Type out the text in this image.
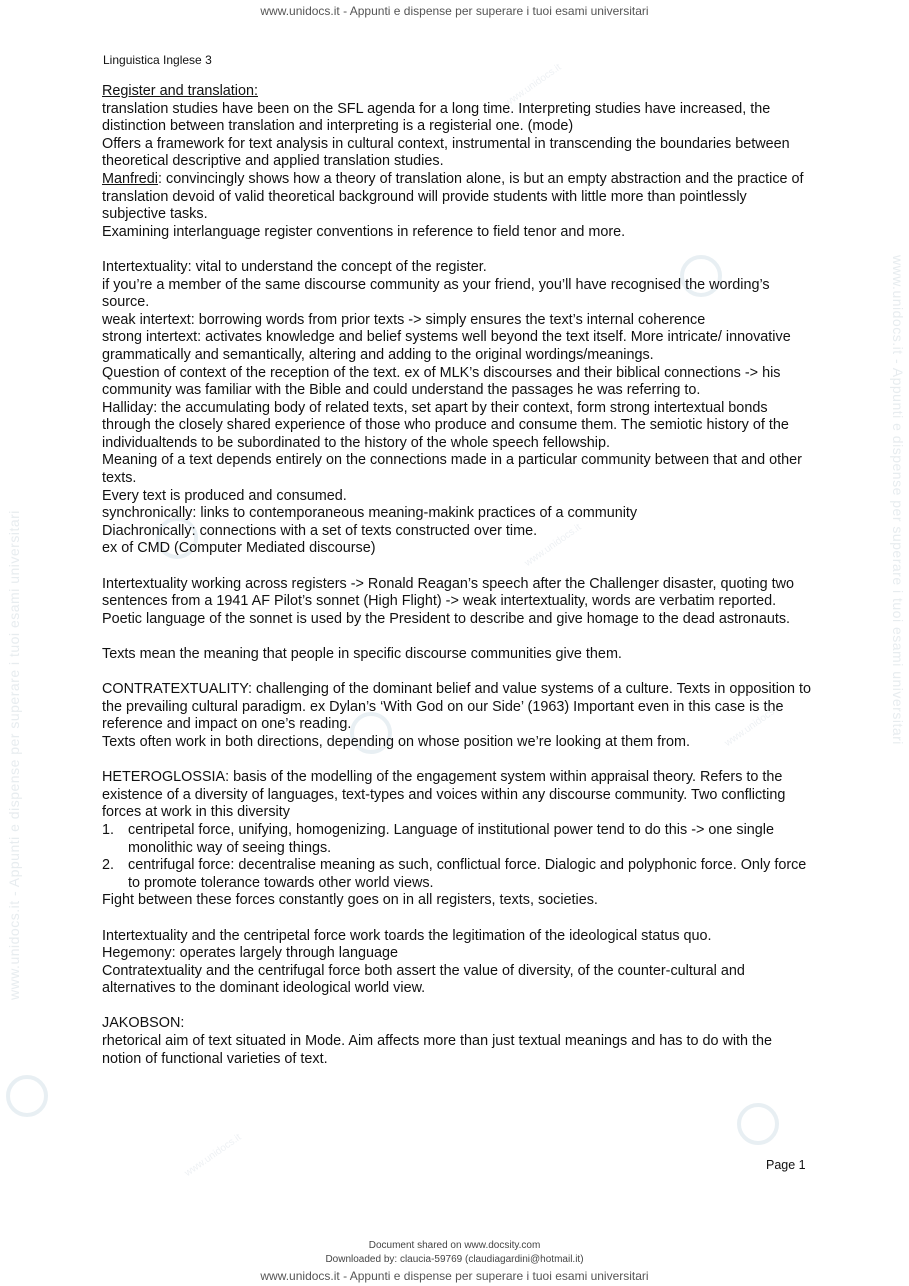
www.unidocs.it - Appunti e dispense per superare i tuoi esami universitari
www.unidocs.it - Appunti e dispense per superare i tuoi esami universitari
www.unidocs.it - Appunti e dispense per superare i tuoi esami universitari
www.unidocs.it
www.unidocs.it
www.unidocs.it
www.unidocs.it
Linguistica Inglese 3

Register and translation:

translation studies have been on the SFL agenda for a long time. Interpreting studies have increased, the distinction between translation and interpreting is a registerial one. (mode)

Offers a framework for text analysis in cultural context, instrumental in transcending the boundaries between theoretical descriptive and applied translation studies.

Manfredi: convincingly shows how a theory of translation alone, is but an empty abstraction and the practice of translation devoid of valid theoretical background will provide students with little more than pointlessly subjective tasks.

Examining interlanguage register conventions in reference to field tenor and more.

Intertextuality: vital to understand the concept of the register.

if you’re a member of the same discourse community as your friend, you’ll have recognised the wording’s source.

weak intertext: borrowing words from prior texts -> simply ensures the text’s internal coherence

strong intertext: activates knowledge and belief systems well beyond the text itself. More intricate/ innovative grammatically and semantically, altering and adding to the original wordings/meanings.

Question of context of the reception of the text. ex of MLK’s discourses and their biblical connections -> his community was familiar with the Bible and could understand the passages he was referring to.

Halliday: the accumulating body of related texts, set apart by their context, form strong intertextual bonds through the closely shared experience of those who produce and consume them. The semiotic history of the individualtends to be subordinated to the history of the whole speech fellowship.

Meaning of a text depends entirely on the connections made in a particular community between that and other texts.

Every text is produced and consumed.

synchronically: links to contemporaneous meaning-makink practices of a community

Diachronically: connections with a set of texts constructed over time.

ex of CMD (Computer Mediated discourse)

Intertextuality working across registers -> Ronald Reagan’s speech after the Challenger disaster, quoting two sentences from a 1941 AF Pilot’s sonnet (High Flight) -> weak intertextuality, words are verbatim reported. Poetic language of the sonnet is used by the President to describe and give homage to the dead astronauts.

Texts mean the meaning that people in specific discourse communities give them.

CONTRATEXTUALITY: challenging of the dominant belief and value systems of a culture. Texts in opposition to the prevailing cultural paradigm. ex Dylan’s ‘With God on our Side’ (1963) Important even in this case is the reference and impact on one’s reading.

Texts often work in both directions, depending on whose position we’re looking at them from.

HETEROGLOSSIA: basis of the modelling of the engagement system within appraisal theory. Refers to the existence of a diversity of languages, text-types and voices within any discourse community. Two conflicting forces at work in this diversity

1. centripetal force, unifying, homogenizing. Language of institutional power tend to do this -> one single monolithic way of seeing things.
2. centrifugal force: decentralise meaning as such, conflictual force. Dialogic and polyphonic force. Only force to promote tolerance towards other world views.

Fight between these forces constantly goes on in all registers, texts, societies.

Intertextuality and the centripetal force work toards the legitimation of the ideological status quo.

Hegemony: operates largely through language

Contratextuality and the centrifugal force both assert the value of diversity, of the counter-cultural and alternatives to the dominant ideological world view.

JAKOBSON:

rhetorical aim of text situated in Mode. Aim affects more than just textual meanings and has to do with the notion of functional varieties of text.

Page 1
Document shared on www.docsity.com
Downloaded by: claucia-59769 (claudiagardini@hotmail.it)
www.unidocs.it - Appunti e dispense per superare i tuoi esami universitari
